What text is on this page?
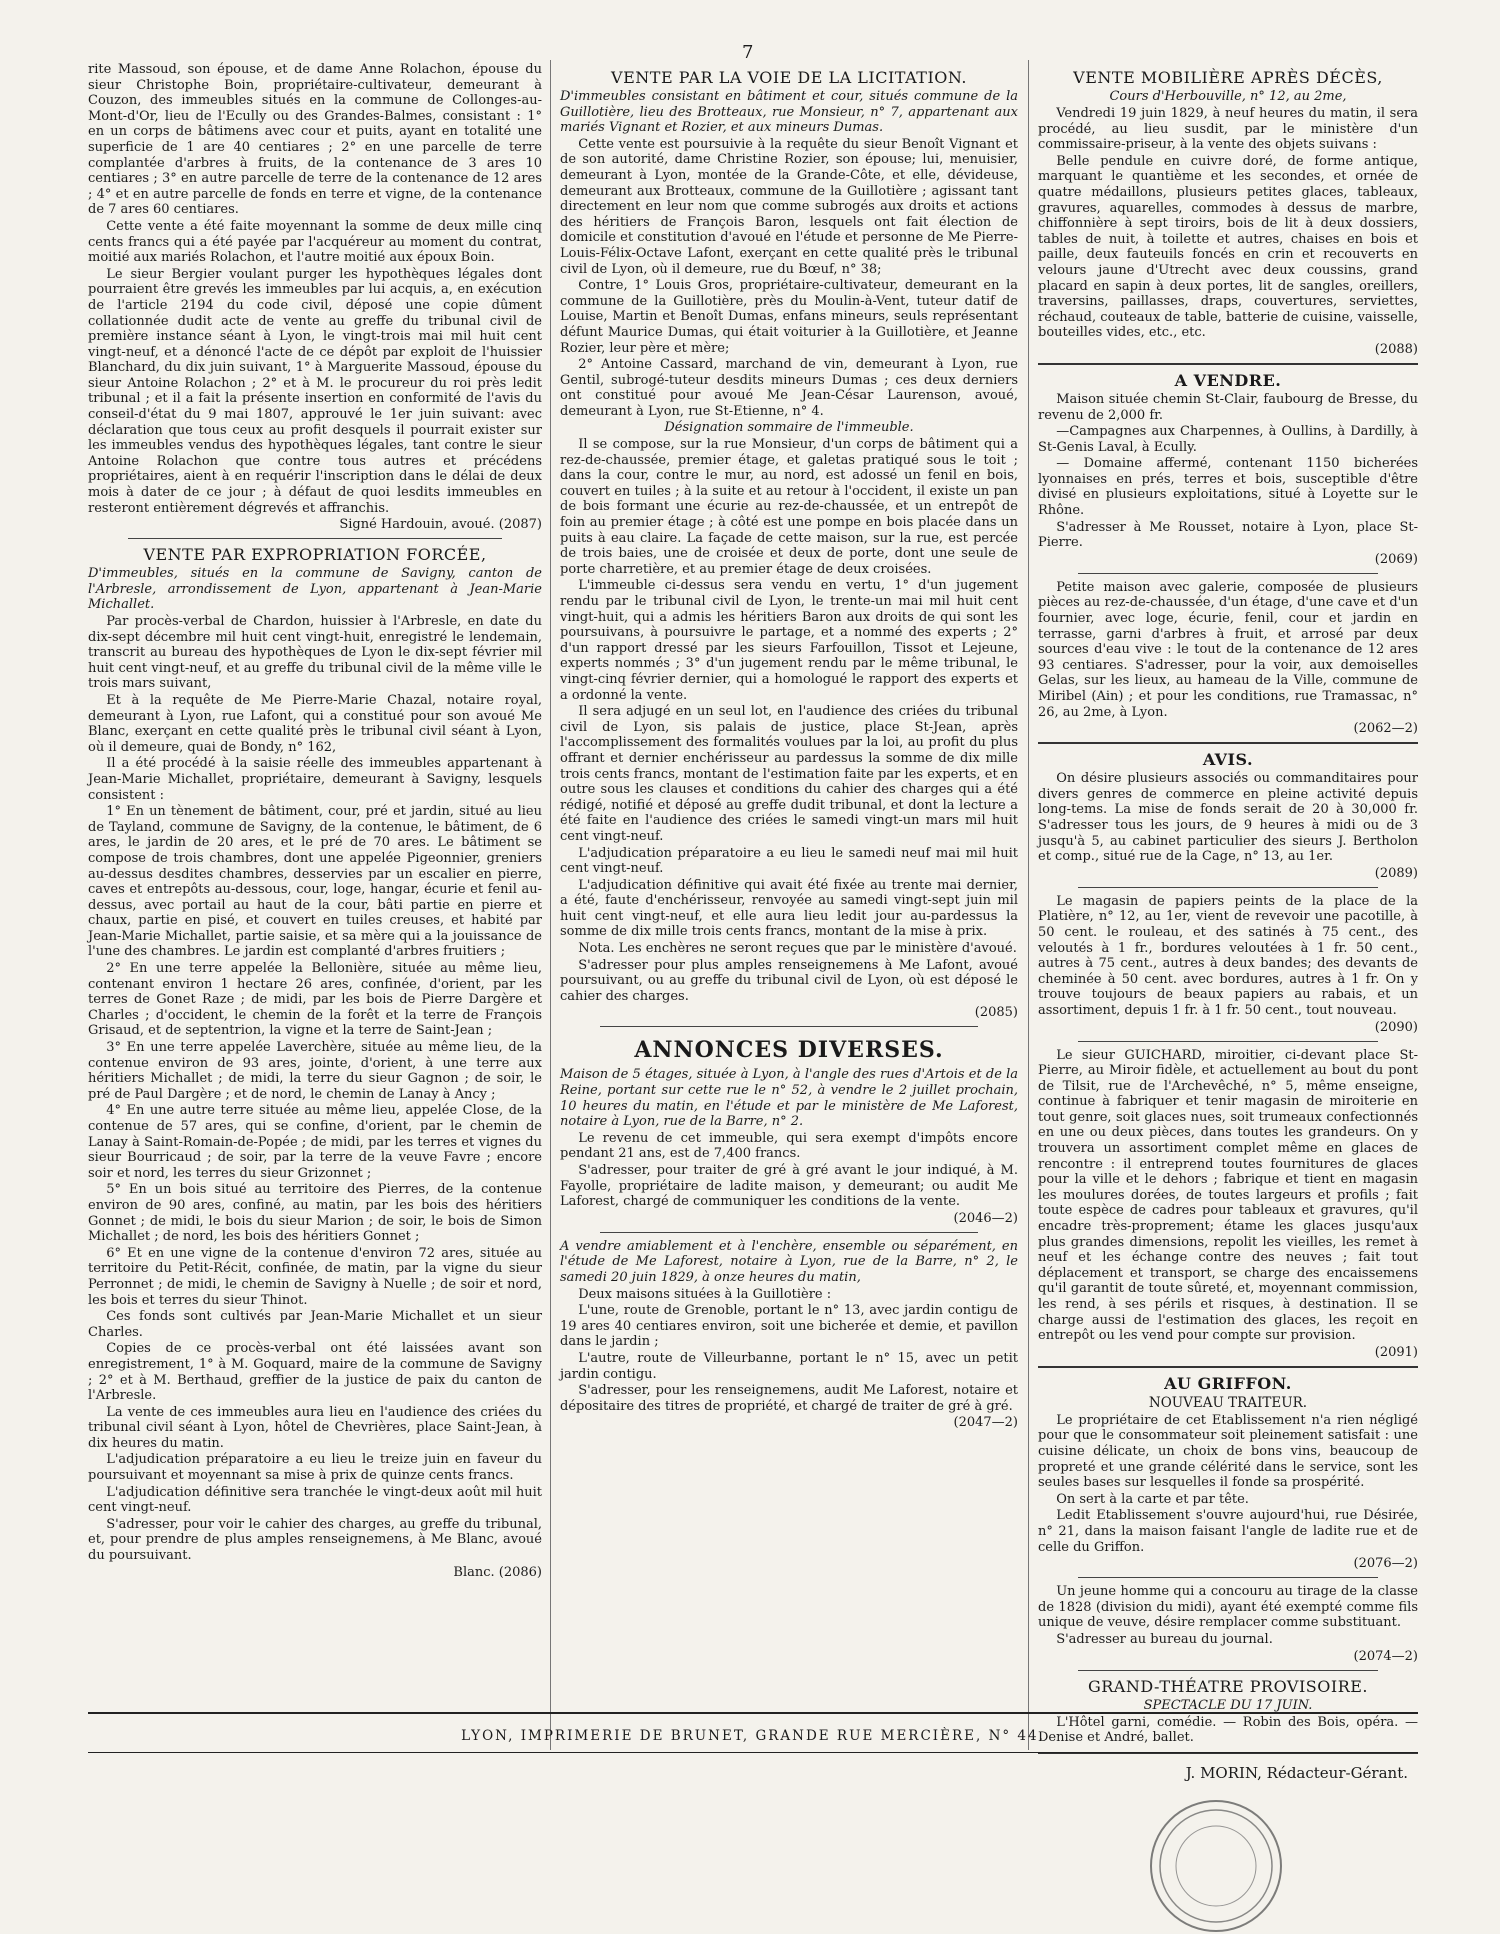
7

rite Massoud, son épouse, et de dame Anne Rolachon, épouse du sieur Christophe Boin, propriétaire-cultivateur, demeurant à Couzon, des immeubles situés en la commune de Collonges-au-Mont-d'Or, lieu de l'Ecully ou des Grandes-Balmes, consistant : 1° en un corps de bâtimens avec cour et puits, ayant en totalité une superficie de 1 are 40 centiares ; 2° en une parcelle de terre complantée d'arbres à fruits, de la contenance de 3 ares 10 centiares ; 3° en autre parcelle de terre de la contenance de 12 ares ; 4° et en autre parcelle de fonds en terre et vigne, de la contenance de 7 ares 60 centiares.

Cette vente a été faite moyennant la somme de deux mille cinq cents francs qui a été payée par l'acquéreur au moment du contrat, moitié aux mariés Rolachon, et l'autre moitié aux époux Boin.

Le sieur Bergier voulant purger les hypothèques légales dont pourraient être grevés les immeubles par lui acquis, a, en exécution de l'article 2194 du code civil, déposé une copie dûment collationnée dudit acte de vente au greffe du tribunal civil de première instance séant à Lyon, le vingt-trois mai mil huit cent vingt-neuf, et a dénoncé l'acte de ce dépôt par exploit de l'huissier Blanchard, du dix juin suivant, 1° à Marguerite Massoud, épouse du sieur Antoine Rolachon ; 2° et à M. le procureur du roi près ledit tribunal ; et il a fait la présente insertion en conformité de l'avis du conseil-d'état du 9 mai 1807, approuvé le 1er juin suivant: avec déclaration que tous ceux au profit desquels il pourrait exister sur les immeubles vendus des hypothèques légales, tant contre le sieur Antoine Rolachon que contre tous autres et précédens propriétaires, aient à en requérir l'inscription dans le délai de deux mois à dater de ce jour ; à défaut de quoi lesdits immeubles en resteront entièrement dégrevés et affranchis.

Signé Hardouin, avoué. (2087)
VENTE PAR EXPROPRIATION FORCÉE,

D'immeubles, situés en la commune de Savigny, canton de l'Arbresle, arrondissement de Lyon, appartenant à Jean-Marie Michallet.

Par procès-verbal de Chardon, huissier à l'Arbresle, en date du dix-sept décembre mil huit cent vingt-huit, enregistré le lendemain, transcrit au bureau des hypothèques de Lyon le dix-sept février mil huit cent vingt-neuf, et au greffe du tribunal civil de la même ville le trois mars suivant,

Et à la requête de Me Pierre-Marie Chazal, notaire royal, demeurant à Lyon, rue Lafont, qui a constitué pour son avoué Me Blanc, exerçant en cette qualité près le tribunal civil séant à Lyon, où il demeure, quai de Bondy, n° 162,

Il a été procédé à la saisie réelle des immeubles appartenant à Jean-Marie Michallet, propriétaire, demeurant à Savigny, lesquels consistent :

1° En un tènement de bâtiment, cour, pré et jardin, situé au lieu de Tayland, commune de Savigny, de la contenue, le bâtiment, de 6 ares, le jardin de 20 ares, et le pré de 70 ares. Le bâtiment se compose de trois chambres, dont une appelée Pigeonnier, greniers au-dessus desdites chambres, desservies par un escalier en pierre, caves et entrepôts au-dessous, cour, loge, hangar, écurie et fenil au-dessus, avec portail au haut de la cour, bâti partie en pierre et chaux, partie en pisé, et couvert en tuiles creuses, et habité par Jean-Marie Michallet, partie saisie, et sa mère qui a la jouissance de l'une des chambres. Le jardin est complanté d'arbres fruitiers ;

2° En une terre appelée la Bellonière, située au même lieu, contenant environ 1 hectare 26 ares, confinée, d'orient, par les terres de Gonet Raze ; de midi, par les bois de Pierre Dargère et Charles ; d'occident, le chemin de la forêt et la terre de François Grisaud, et de septentrion, la vigne et la terre de Saint-Jean ;

3° En une terre appelée Laverchère, située au même lieu, de la contenue environ de 93 ares, jointe, d'orient, à une terre aux héritiers Michallet ; de midi, la terre du sieur Gagnon ; de soir, le pré de Paul Dargère ; et de nord, le chemin de Lanay à Ancy ;

4° En une autre terre située au même lieu, appelée Close, de la contenue de 57 ares, qui se confine, d'orient, par le chemin de Lanay à Saint-Romain-de-Popée ; de midi, par les terres et vignes du sieur Bourricaud ; de soir, par la terre de la veuve Favre ; encore soir et nord, les terres du sieur Grizonnet ;

5° En un bois situé au territoire des Pierres, de la contenue environ de 90 ares, confiné, au matin, par les bois des héritiers Gonnet ; de midi, le bois du sieur Marion ; de soir, le bois de Simon Michallet ; de nord, les bois des héritiers Gonnet ;

6° Et en une vigne de la contenue d'environ 72 ares, située au territoire du Petit-Récit, confinée, de matin, par la vigne du sieur Perronnet ; de midi, le chemin de Savigny à Nuelle ; de soir et nord, les bois et terres du sieur Thinot.

Ces fonds sont cultivés par Jean-Marie Michallet et un sieur Charles.

Copies de ce procès-verbal ont été laissées avant son enregistrement, 1° à M. Goquard, maire de la commune de Savigny ; 2° et à M. Berthaud, greffier de la justice de paix du canton de l'Arbresle.

La vente de ces immeubles aura lieu en l'audience des criées du tribunal civil séant à Lyon, hôtel de Chevrières, place Saint-Jean, à dix heures du matin.

L'adjudication préparatoire a eu lieu le treize juin en faveur du poursuivant et moyennant sa mise à prix de quinze cents francs.

L'adjudication définitive sera tranchée le vingt-deux août mil huit cent vingt-neuf.

S'adresser, pour voir le cahier des charges, au greffe du tribunal, et, pour prendre de plus amples renseignemens, à Me Blanc, avoué du poursuivant.

Blanc. (2086)
VENTE PAR LA VOIE DE LA LICITATION.

D'immeubles consistant en bâtiment et cour, situés commune de la Guillotière, lieu des Brotteaux, rue Monsieur, n° 7, appartenant aux mariés Vignant et Rozier, et aux mineurs Dumas.

Cette vente est poursuivie à la requête du sieur Benoît Vignant et de son autorité, dame Christine Rozier, son épouse; lui, menuisier, demeurant à Lyon, montée de la Grande-Côte, et elle, dévideuse, demeurant aux Brotteaux, commune de la Guillotière ; agissant tant directement en leur nom que comme subrogés aux droits et actions des héritiers de François Baron, lesquels ont fait élection de domicile et constitution d'avoué en l'étude et personne de Me Pierre-Louis-Félix-Octave Lafont, exerçant en cette qualité près le tribunal civil de Lyon, où il demeure, rue du Bœuf, n° 38;

Contre, 1° Louis Gros, propriétaire-cultivateur, demeurant en la commune de la Guillotière, près du Moulin-à-Vent, tuteur datif de Louise, Martin et Benoît Dumas, enfans mineurs, seuls représentant défunt Maurice Dumas, qui était voiturier à la Guillotière, et Jeanne Rozier, leur père et mère;

2° Antoine Cassard, marchand de vin, demeurant à Lyon, rue Gentil, subrogé-tuteur desdits mineurs Dumas ; ces deux derniers ont constitué pour avoué Me Jean-César Laurenson, avoué, demeurant à Lyon, rue St-Etienne, n° 4.

Désignation sommaire de l'immeuble.

Il se compose, sur la rue Monsieur, d'un corps de bâtiment qui a rez-de-chaussée, premier étage, et galetas pratiqué sous le toit ; dans la cour, contre le mur, au nord, est adossé un fenil en bois, couvert en tuiles ; à la suite et au retour à l'occident, il existe un pan de bois formant une écurie au rez-de-chaussée, et un entrepôt de foin au premier étage ; à côté est une pompe en bois placée dans un puits à eau claire. La façade de cette maison, sur la rue, est percée de trois baies, une de croisée et deux de porte, dont une seule de porte charretière, et au premier étage de deux croisées.

L'immeuble ci-dessus sera vendu en vertu, 1° d'un jugement rendu par le tribunal civil de Lyon, le trente-un mai mil huit cent vingt-huit, qui a admis les héritiers Baron aux droits de qui sont les poursuivans, à poursuivre le partage, et a nommé des experts ; 2° d'un rapport dressé par les sieurs Farfouillon, Tissot et Lejeune, experts nommés ; 3° d'un jugement rendu par le même tribunal, le vingt-cinq février dernier, qui a homologué le rapport des experts et a ordonné la vente.

Il sera adjugé en un seul lot, en l'audience des criées du tribunal civil de Lyon, sis palais de justice, place St-Jean, après l'accomplissement des formalités voulues par la loi, au profit du plus offrant et dernier enchérisseur au pardessus la somme de dix mille trois cents francs, montant de l'estimation faite par les experts, et en outre sous les clauses et conditions du cahier des charges qui a été rédigé, notifié et déposé au greffe dudit tribunal, et dont la lecture a été faite en l'audience des criées le samedi vingt-un mars mil huit cent vingt-neuf.

L'adjudication préparatoire a eu lieu le samedi neuf mai mil huit cent vingt-neuf.

L'adjudication définitive qui avait été fixée au trente mai dernier, a été, faute d'enchérisseur, renvoyée au samedi vingt-sept juin mil huit cent vingt-neuf, et elle aura lieu ledit jour au-pardessus la somme de dix mille trois cents francs, montant de la mise à prix.

Nota. Les enchères ne seront reçues que par le ministère d'avoué.

S'adresser pour plus amples renseignemens à Me Lafont, avoué poursuivant, ou au greffe du tribunal civil de Lyon, où est déposé le cahier des charges.

(2085)
ANNONCES DIVERSES.

Maison de 5 étages, située à Lyon, à l'angle des rues d'Artois et de la Reine, portant sur cette rue le n° 52, à vendre le 2 juillet prochain, 10 heures du matin, en l'étude et par le ministère de Me Laforest, notaire à Lyon, rue de la Barre, n° 2.

Le revenu de cet immeuble, qui sera exempt d'impôts encore pendant 21 ans, est de 7,400 francs.

S'adresser, pour traiter de gré à gré avant le jour indiqué, à M. Fayolle, propriétaire de ladite maison, y demeurant; ou audit Me Laforest, chargé de communiquer les conditions de la vente.

(2046—2)

A vendre amiablement et à l'enchère, ensemble ou séparément, en l'étude de Me Laforest, notaire à Lyon, rue de la Barre, n° 2, le samedi 20 juin 1829, à onze heures du matin,

Deux maisons situées à la Guillotière :

L'une, route de Grenoble, portant le n° 13, avec jardin contigu de 19 ares 40 centiares environ, soit une bicherée et demie, et pavillon dans le jardin ;

L'autre, route de Villeurbanne, portant le n° 15, avec un petit jardin contigu.

S'adresser, pour les renseignemens, audit Me Laforest, notaire et dépositaire des titres de propriété, et chargé de traiter de gré à gré.

(2047—2)
VENTE MOBILIÈRE APRÈS DÉCÈS,
Cours d'Herbouville, n° 12, au 2me,

Vendredi 19 juin 1829, à neuf heures du matin, il sera procédé, au lieu susdit, par le ministère d'un commissaire-priseur, à la vente des objets suivans :

Belle pendule en cuivre doré, de forme antique, marquant le quantième et les secondes, et ornée de quatre médaillons, plusieurs petites glaces, tableaux, gravures, aquarelles, commodes à dessus de marbre, chiffonnière à sept tiroirs, bois de lit à deux dossiers, tables de nuit, à toilette et autres, chaises en bois et paille, deux fauteuils foncés en crin et recouverts en velours jaune d'Utrecht avec deux coussins, grand placard en sapin à deux portes, lit de sangles, oreillers, traversins, paillasses, draps, couvertures, serviettes, réchaud, couteaux de table, batterie de cuisine, vaisselle, bouteilles vides, etc., etc.

(2088)
A VENDRE.

Maison située chemin St-Clair, faubourg de Bresse, du revenu de 2,000 fr.

—Campagnes aux Charpennes, à Oullins, à Dardilly, à St-Genis Laval, à Ecully.

— Domaine affermé, contenant 1150 bicherées lyonnaises en prés, terres et bois, susceptible d'être divisé en plusieurs exploitations, situé à Loyette sur le Rhône.

S'adresser à Me Rousset, notaire à Lyon, place St-Pierre.

(2069)

Petite maison avec galerie, composée de plusieurs pièces au rez-de-chaussée, d'un étage, d'une cave et d'un fournier, avec loge, écurie, fenil, cour et jardin en terrasse, garni d'arbres à fruit, et arrosé par deux sources d'eau vive : le tout de la contenance de 12 ares 93 centiares. S'adresser, pour la voir, aux demoiselles Gelas, sur les lieux, au hameau de la Ville, commune de Miribel (Ain) ; et pour les conditions, rue Tramassac, n° 26, au 2me, à Lyon.

(2062—2)
AVIS.

On désire plusieurs associés ou commanditaires pour divers genres de commerce en pleine activité depuis long-tems. La mise de fonds serait de 20 à 30,000 fr. S'adresser tous les jours, de 9 heures à midi ou de 3 jusqu'à 5, au cabinet particulier des sieurs J. Bertholon et comp., situé rue de la Cage, n° 13, au 1er.

(2089)

Le magasin de papiers peints de la place de la Platière, n° 12, au 1er, vient de revevoir une pacotille, à 50 cent. le rouleau, et des satinés à 75 cent., des veloutés à 1 fr., bordures veloutées à 1 fr. 50 cent., autres à 75 cent., autres à deux bandes; des devants de cheminée à 50 cent. avec bordures, autres à 1 fr. On y trouve toujours de beaux papiers au rabais, et un assortiment, depuis 1 fr. à 1 fr. 50 cent., tout nouveau.

(2090)

Le sieur GUICHARD, miroitier, ci-devant place St-Pierre, au Miroir fidèle, et actuellement au bout du pont de Tilsit, rue de l'Archevêché, n° 5, même enseigne, continue à fabriquer et tenir magasin de miroiterie en tout genre, soit glaces nues, soit trumeaux confectionnés en une ou deux pièces, dans toutes les grandeurs. On y trouvera un assortiment complet même en glaces de rencontre : il entreprend toutes fournitures de glaces pour la ville et le dehors ; fabrique et tient en magasin les moulures dorées, de toutes largeurs et profils ; fait toute espèce de cadres pour tableaux et gravures, qu'il encadre très-proprement; étame les glaces jusqu'aux plus grandes dimensions, repolit les vieilles, les remet à neuf et les échange contre des neuves ; fait tout déplacement et transport, se charge des encaissemens qu'il garantit de toute sûreté, et, moyennant commission, les rend, à ses périls et risques, à destination. Il se charge aussi de l'estimation des glaces, les reçoit en entrepôt ou les vend pour compte sur provision.

(2091)
AU GRIFFON.
NOUVEAU TRAITEUR.

Le propriétaire de cet Etablissement n'a rien négligé pour que le consommateur soit pleinement satisfait : une cuisine délicate, un choix de bons vins, beaucoup de propreté et une grande célérité dans le service, sont les seules bases sur lesquelles il fonde sa prospérité.

On sert à la carte et par tête.

Ledit Etablissement s'ouvre aujourd'hui, rue Désirée, n° 21, dans la maison faisant l'angle de ladite rue et de celle du Griffon.

(2076—2)

Un jeune homme qui a concouru au tirage de la classe de 1828 (division du midi), ayant été exempté comme fils unique de veuve, désire remplacer comme substituant.

S'adresser au bureau du journal.

(2074—2)
GRAND-THÉATRE PROVISOIRE.
SPECTACLE DU 17 JUIN.

L'Hôtel garni, comédie. — Robin des Bois, opéra. — Denise et André, ballet.

J. MORIN, Rédacteur-Gérant.
LYON, IMPRIMERIE DE BRUNET, GRANDE RUE MERCIÈRE, N° 44.
